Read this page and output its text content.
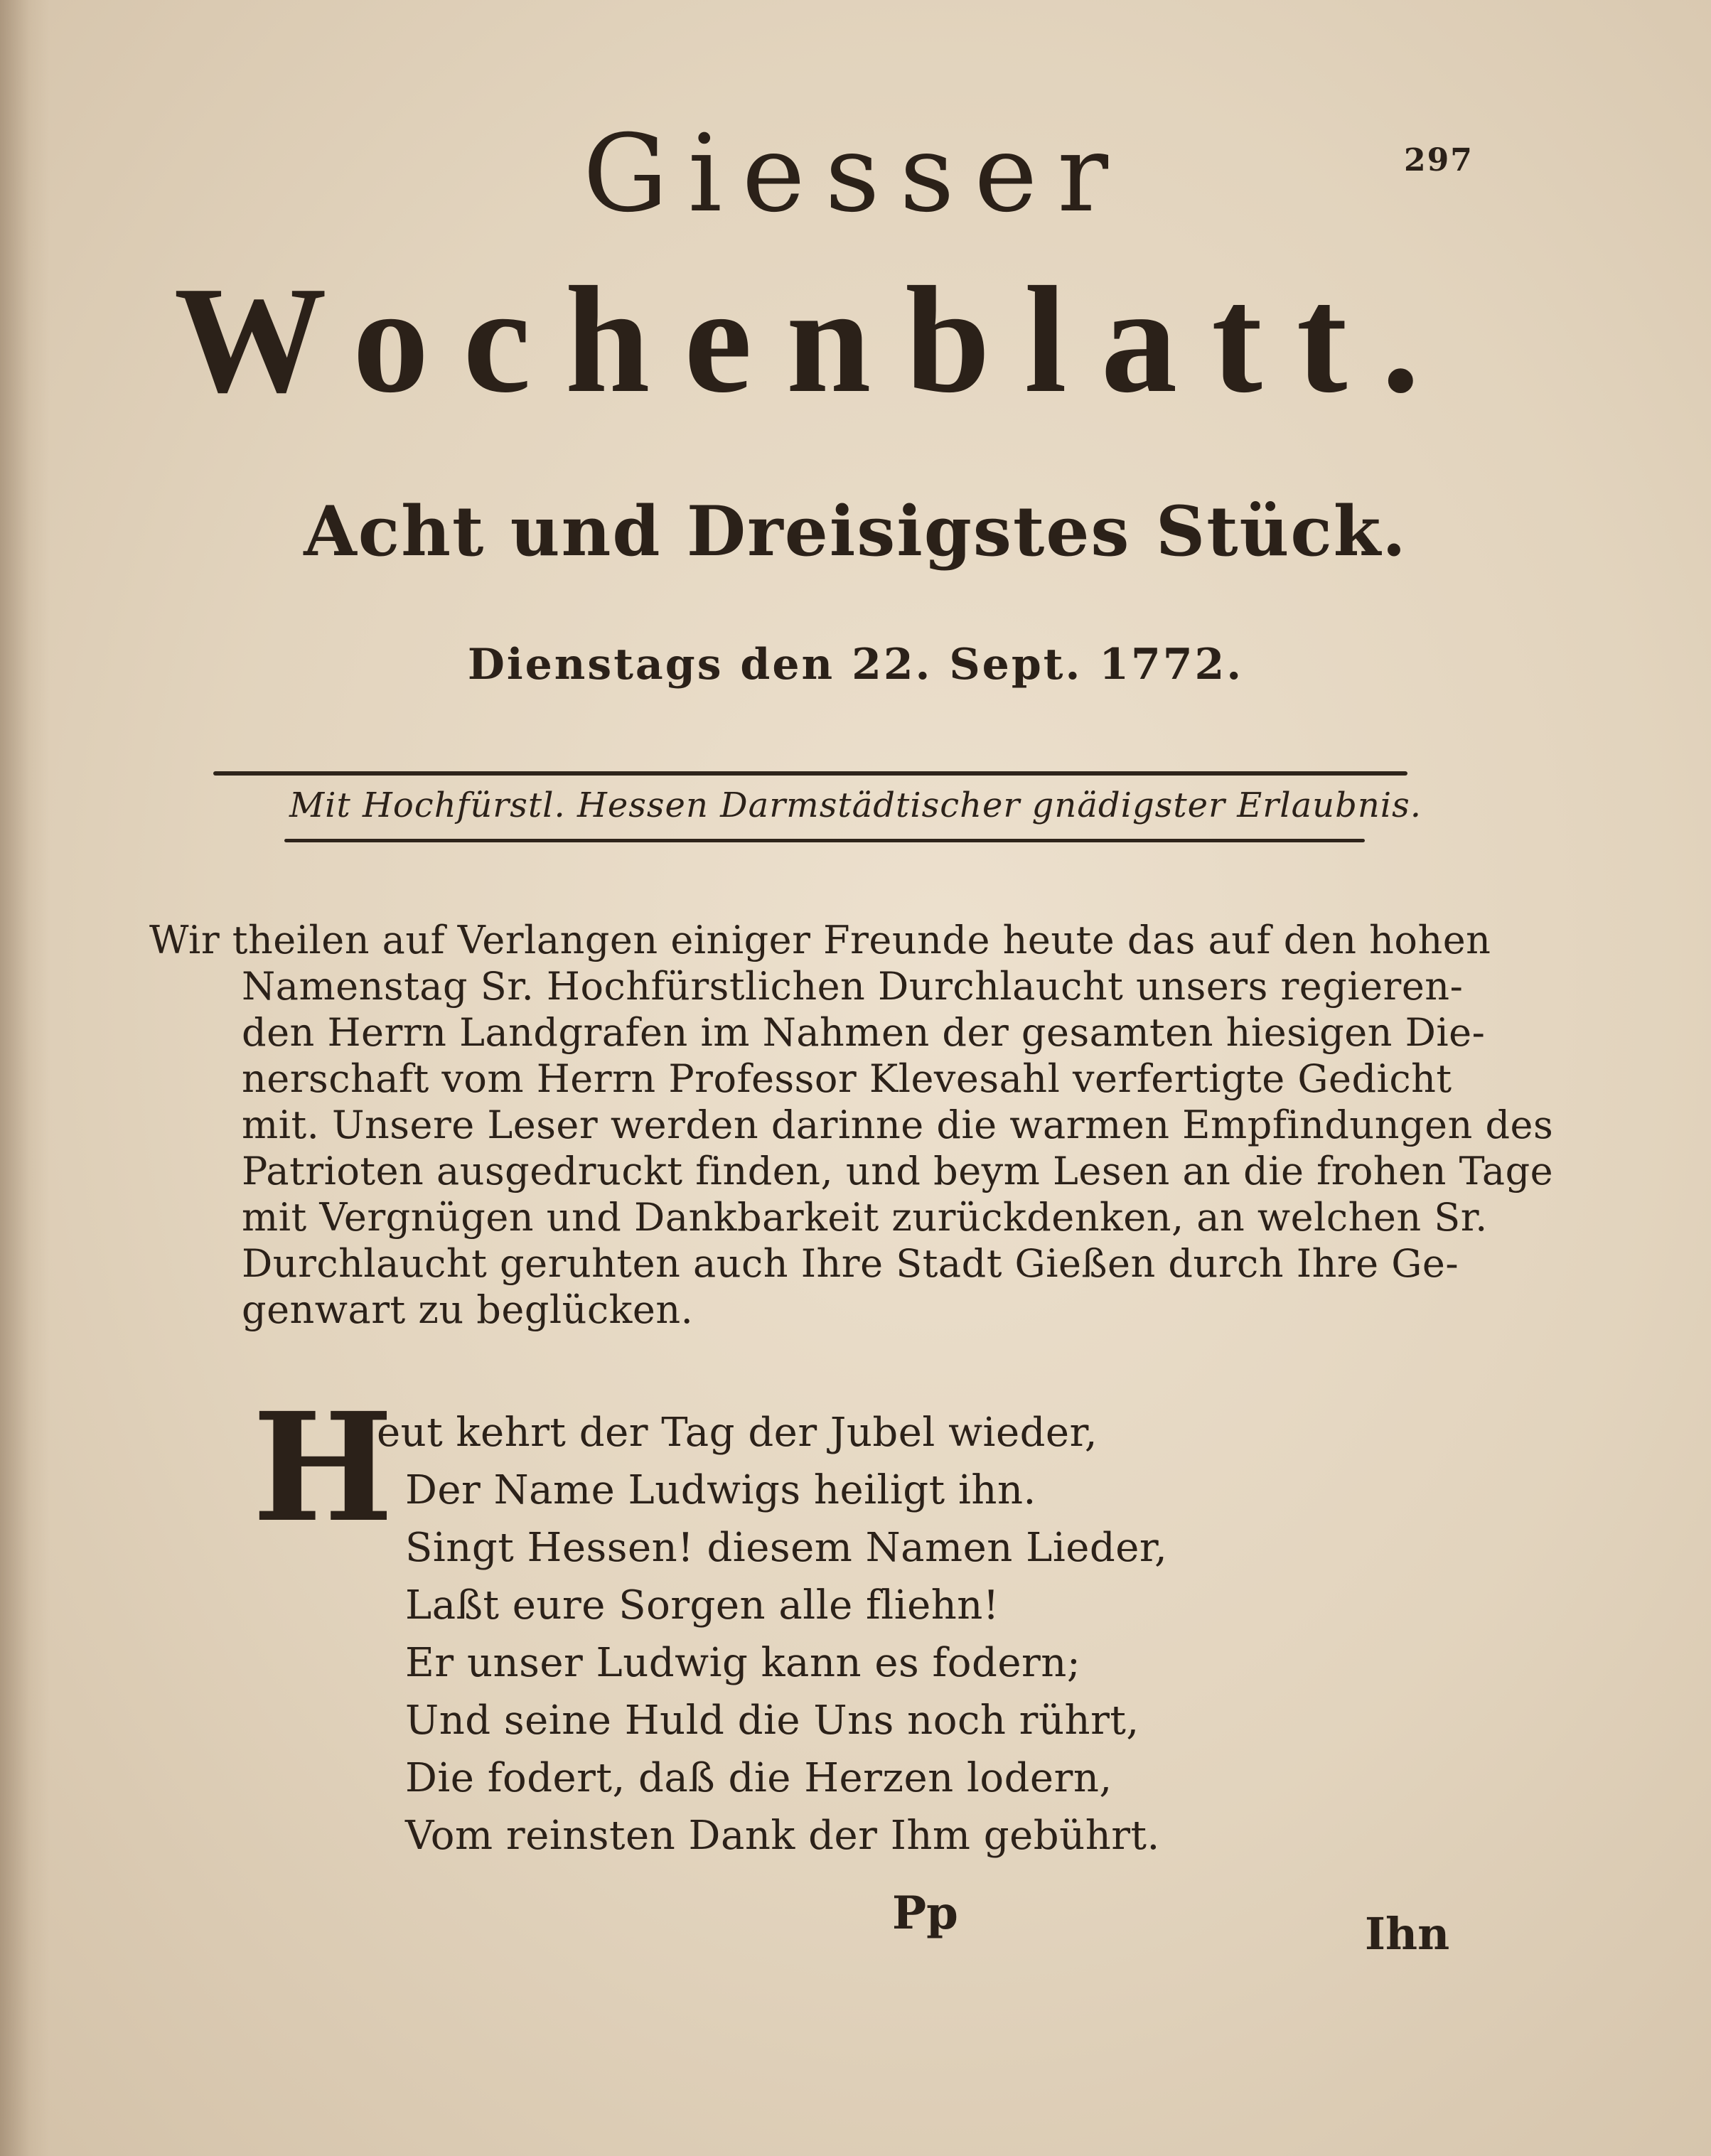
297
Giesser
Wochenblatt.
Acht und Dreisigstes Stück.
Dienstags den 22. Sept. 1772.
Mit Hochfürstl. Hessen Darmstädtischer gnädigster Erlaubnis.
Wir theilen auf Verlangen einiger Freunde heute das auf den hohen
Namenstag Sr. Hochfürstlichen Durchlaucht unsers regieren-
den Herrn Landgrafen im Nahmen der gesamten hiesigen Die-
nerschaft vom Herrn Professor Klevesahl verfertigte Gedicht
mit. Unsere Leser werden darinne die warmen Empfindungen des
Patrioten ausgedruckt finden, und beym Lesen an die frohen Tage
mit Vergnügen und Dankbarkeit zurückdenken, an welchen Sr.
Durchlaucht geruhten auch Ihre Stadt Gießen durch Ihre Ge-
genwart zu beglücken.
H
eut kehrt der Tag der Jubel wieder,
Der Name Ludwigs heiligt ihn.
Singt Hessen! diesem Namen Lieder,
Laßt eure Sorgen alle fliehn!
Er unser Ludwig kann es fodern;
Und seine Huld die Uns noch rührt,
Die fodert, daß die Herzen lodern,
Vom reinsten Dank der Ihm gebührt.
Pp	Ihn
